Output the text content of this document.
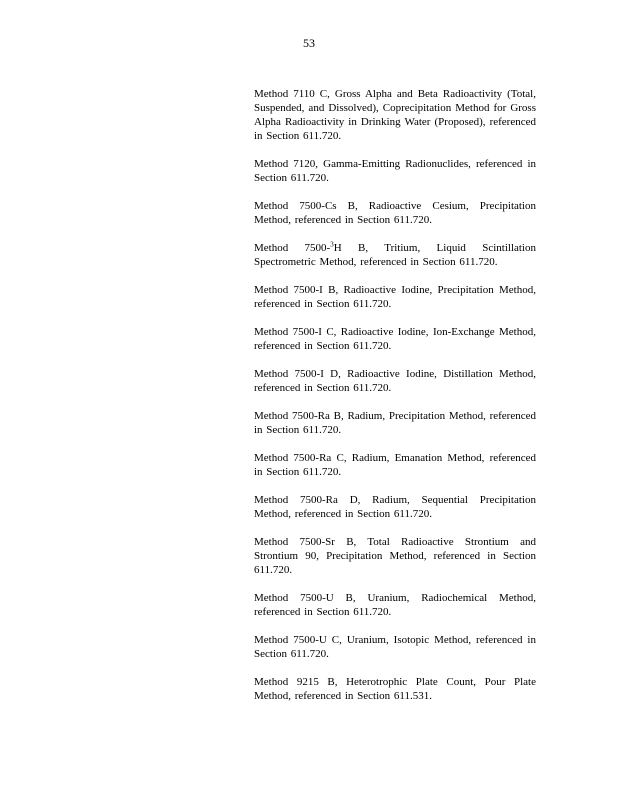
53

Method 7110 C, Gross Alpha and Beta Radioactivity (Total, Suspended, and Dissolved), Coprecipitation Method for Gross Alpha Radioactivity in Drinking Water (Proposed), referenced in Section 611.720.

Method 7120, Gamma-Emitting Radionuclides, referenced in Section 611.720.

Method 7500-Cs B, Radioactive Cesium, Precipitation Method, referenced in Section 611.720.

Method 7500-$^3$H B, Tritium, Liquid Scintillation Spectrometric Method, referenced in Section 611.720.

Method 7500-I B, Radioactive Iodine, Precipitation Method, referenced in Section 611.720.

Method 7500-I C, Radioactive Iodine, Ion-Exchange Method, referenced in Section 611.720.

Method 7500-I D, Radioactive Iodine, Distillation Method, referenced in Section 611.720.

Method 7500-Ra B, Radium, Precipitation Method, referenced in Section 611.720.

Method 7500-Ra C, Radium, Emanation Method, referenced in Section 611.720.

Method 7500-Ra D, Radium, Sequential Precipitation Method, referenced in Section 611.720.

Method 7500-Sr B, Total Radioactive Strontium and Strontium 90, Precipitation Method, referenced in Section 611.720.

Method 7500-U B, Uranium, Radiochemical Method, referenced in Section 611.720.

Method 7500-U C, Uranium, Isotopic Method, referenced in Section 611.720.

Method 9215 B, Heterotrophic Plate Count, Pour Plate Method, referenced in Section 611.531.
